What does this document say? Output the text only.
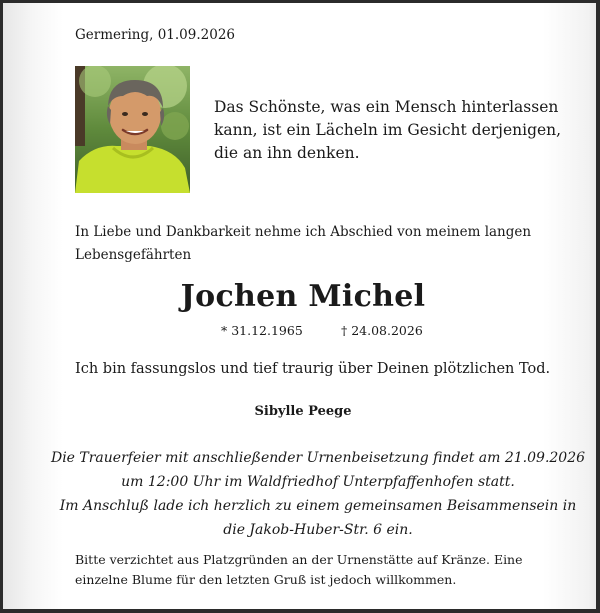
Germering, 01.09.2026
Das Schönste, was ein Mensch hinterlassen kann, ist ein Lächeln im Gesicht derjenigen, die an ihn denken.
In Liebe und Dankbarkeit nehme ich Abschied von meinem langen Lebensgefährten
Jochen Michel
* 31.12.1965	† 24.08.2026
Ich bin fassungslos und tief traurig über Deinen plötzlichen Tod.
Sibylle Peege
Die Trauerfeier mit anschließender Urnenbeisetzung findet am 21.09.2026
um 12:00 Uhr im Waldfriedhof Unterpfaffenhofen statt.
Im Anschluß lade ich herzlich zu einem gemeinsamen Beisammensein in
die Jakob-Huber-Str. 6 ein.
Bitte verzichtet aus Platzgründen an der Urnenstätte auf Kränze. Eine einzelne Blume für den letzten Gruß ist jedoch willkommen.
